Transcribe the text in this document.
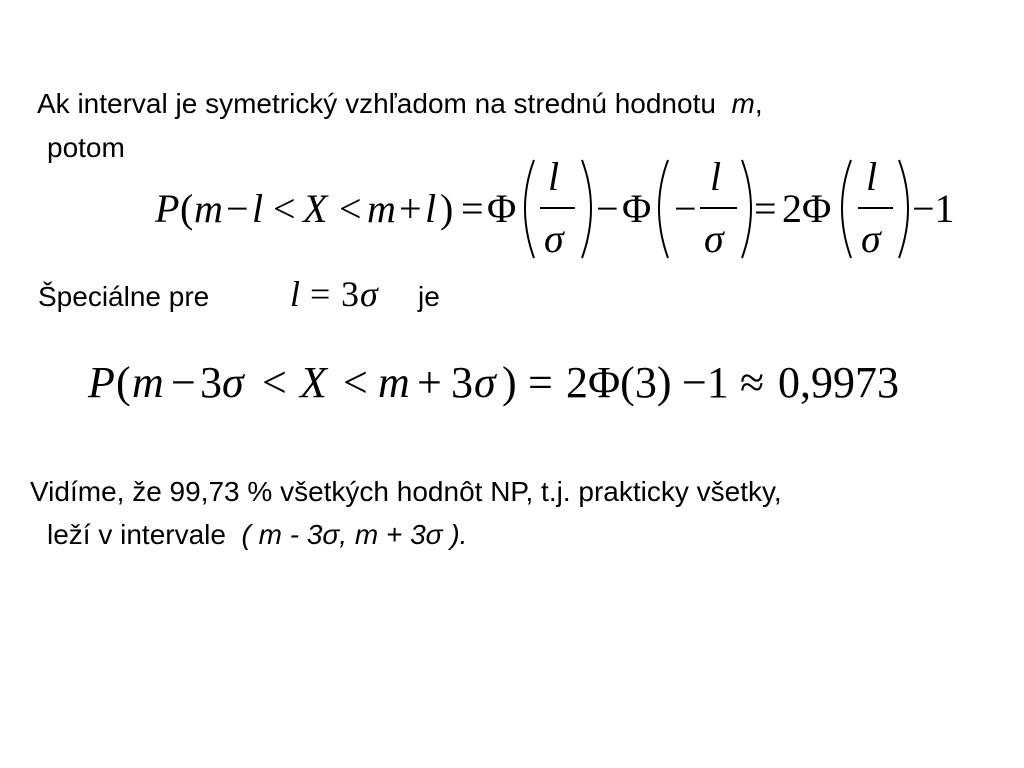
Ak interval je symetrický vzhľadom na strednú hodnotu m,
potom
P ( m − l < X < m + l ) = Φ
l
σ
− Φ −
l
σ
= 2Φ
l
σ
−1
l = 3 σ
P ( m − 3 σ < X < m + 3 σ ) = 2Φ(3) −1 ≈ 0,9973
Špeciálne pre	je
Vidíme, že 99,73 % všetkých hodnôt NP, t.j. prakticky všetky,
leží v intervale ( m - 3σ, m + 3σ ).
